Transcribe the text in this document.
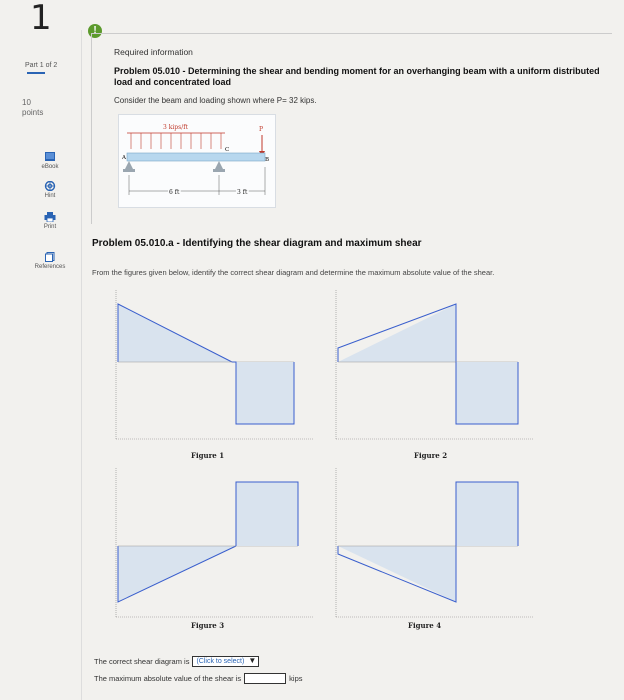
1
Part 1 of 2
10
points
eBook
Hint
Print
References
!
Required information
Problem 05.010 - Determining the shear and bending moment for an overhanging beam with a uniform distributed load and concentrated load
Consider the beam and loading shown where P= 32 kips.
3 kips/ft	P
A	B
C
6 ft	3 ft
Problem 05.010.a - Identifying the shear diagram and maximum shear
From the figures given below, identify the correct shear diagram and determine the maximum absolute value of the shear.
Figure 1	Figure 2
Figure 3	Figure 4
The correct shear diagram is	(Click to select) ▼
The maximum absolute value of the shear is	kips
